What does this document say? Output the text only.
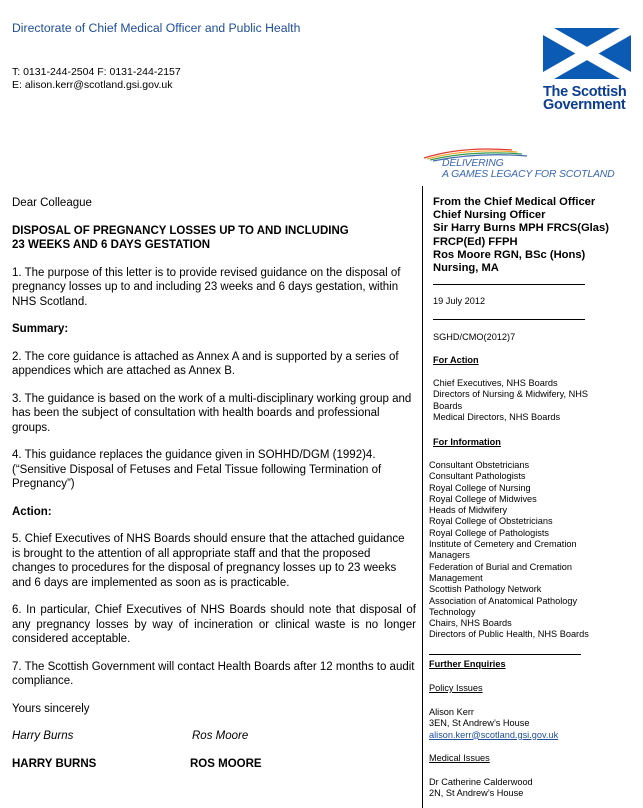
Directorate of Chief Medical Officer and Public Health
T: 0131-244-2504 F: 0131-244-2157
E: alison.kerr@scotland.gsi.gov.uk	The Scottish
Government
DELIVERING
A GAMES LEGACY FOR SCOTLAND

Dear Colleague

DISPOSAL OF PREGNANCY LOSSES UP TO AND INCLUDING

23 WEEKS AND 6 DAYS GESTATION

1. The purpose of this letter is to provide revised guidance on the disposal of pregnancy losses up to and including 23 weeks and 6 days gestation, within NHS Scotland.

Summary:

2. The core guidance is attached as Annex A and is supported by a series of appendices which are attached as Annex B.

3. The guidance is based on the work of a multi-disciplinary working group and has been the subject of consultation with health boards and professional groups.

4. This guidance replaces the guidance given in SOHHD/DGM (1992)4. (“Sensitive Disposal of Fetuses and Fetal Tissue following Termination of Pregnancy”)

Action:

5. Chief Executives of NHS Boards should ensure that the attached guidance is brought to the attention of all appropriate staff and that the proposed changes to procedures for the disposal of pregnancy losses up to 23 weeks and 6 days are implemented as soon as is practicable.

6. In particular, Chief Executives of NHS Boards should note that disposal of any pregnancy losses by way of incineration or clinical waste is no longer considered acceptable.

7. The Scottish Government will contact Health Boards after 12 months to audit compliance.

Yours sincerely

Harry Burns	Ros Moore
HARRY BURNS	ROS MOORE
From the Chief Medical Officer
Chief Nursing Officer
Sir Harry Burns MPH FRCS(Glas)
FRCP(Ed) FFPH
Ros Moore RGN, BSc (Hons)
Nursing, MA
19 July 2012
SGHD/CMO(2012)7
For Action
Chief Executives, NHS Boards
Directors of Nursing & Midwifery, NHS
Boards
Medical Directors, NHS Boards
For Information
Consultant Obstetricians
Consultant Pathologists
Royal College of Nursing
Royal College of Midwives
Heads of Midwifery
Royal College of Obstetricians
Royal College of Pathologists
Institute of Cemetery and Cremation
Managers
Federation of Burial and Cremation
Management
Scottish Pathology Network
Association of Anatomical Pathology
Technology
Chairs, NHS Boards
Directors of Public Health, NHS Boards
Further Enquiries
Policy Issues
Alison Kerr
3EN, St Andrew’s House
alison.kerr@scotland.gsi.gov.uk
Medical Issues
Dr Catherine Calderwood
2N, St Andrew’s House
